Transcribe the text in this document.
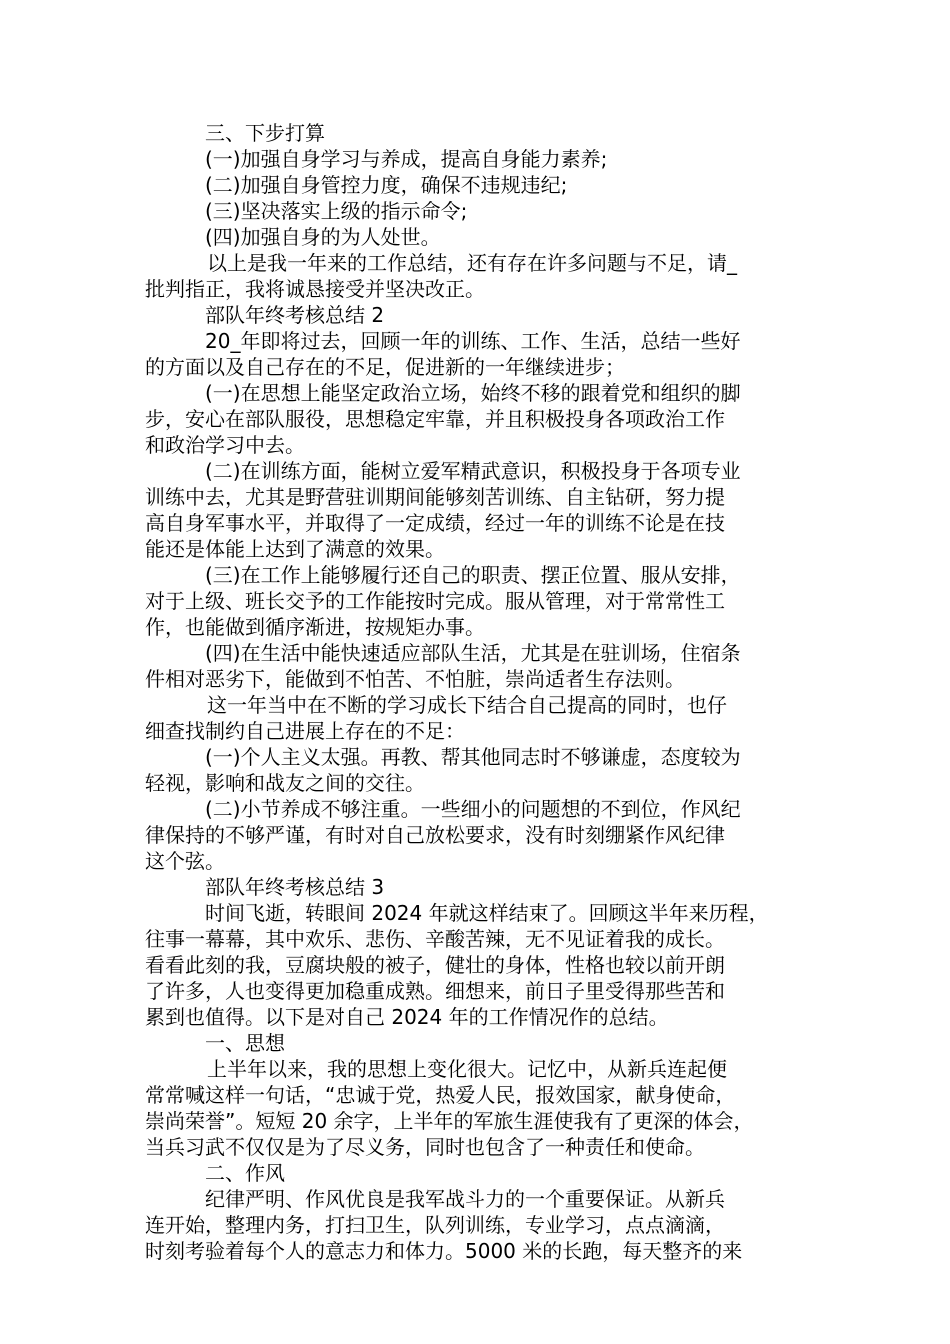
三、下步打算
(一)加强自身学习与养成，提高自身能力素养;
(二)加强自身管控力度，确保不违规违纪;
(三)坚决落实上级的指示命令;
(四)加强自身的为人处世。
以上是我一年来的工作总结，还有存在许多问题与不足，请_
批判指正，我将诚恳接受并坚决改正。
部队年终考核总结 2
20_年即将过去，回顾一年的训练、工作、生活，总结一些好
的方面以及自己存在的不足，促进新的一年继续进步；
(一)在思想上能坚定政治立场，始终不移的跟着党和组织的脚
步，安心在部队服役，思想稳定牢靠，并且积极投身各项政治工作
和政治学习中去。
(二)在训练方面，能树立爱军精武意识，积极投身于各项专业
训练中去，尤其是野营驻训期间能够刻苦训练、自主钻研，努力提
高自身军事水平，并取得了一定成绩，经过一年的训练不论是在技
能还是体能上达到了满意的效果。
(三)在工作上能够履行还自己的职责、摆正位置、服从安排，
对于上级、班长交予的工作能按时完成。服从管理，对于常常性工
作，也能做到循序渐进，按规矩办事。
(四)在生活中能快速适应部队生活，尤其是在驻训场，住宿条
件相对恶劣下，能做到不怕苦、不怕脏，崇尚适者生存法则。
这一年当中在不断的学习成长下结合自己提高的同时，也仔
细查找制约自己进展上存在的不足：
(一)个人主义太强。再教、帮其他同志时不够谦虚，态度较为
轻视，影响和战友之间的交往。
(二)小节养成不够注重。一些细小的问题想的不到位，作风纪
律保持的不够严谨，有时对自己放松要求，没有时刻绷紧作风纪律
这个弦。
部队年终考核总结 3
时间飞逝，转眼间 2024 年就这样结束了。回顾这半年来历程，
往事一幕幕，其中欢乐、悲伤、辛酸苦辣，无不见证着我的成长。
看看此刻的我，豆腐块般的被子，健壮的身体，性格也较以前开朗
了许多，人也变得更加稳重成熟。细想来，前日子里受得那些苦和
累到也值得。以下是对自己 2024 年的工作情况作的总结。
一、思想
上半年以来，我的思想上变化很大。记忆中，从新兵连起便
常常喊这样一句话，“忠诚于党，热爱人民，报效国家，献身使命，
崇尚荣誉”。短短 20 余字，上半年的军旅生涯使我有了更深的体会，
当兵习武不仅仅是为了尽义务，同时也包含了一种责任和使命。
二、作风
纪律严明、作风优良是我军战斗力的一个重要保证。从新兵
连开始，整理内务，打扫卫生，队列训练，专业学习，点点滴滴，
时刻考验着每个人的意志力和体力。5000 米的长跑，每天整齐的来
